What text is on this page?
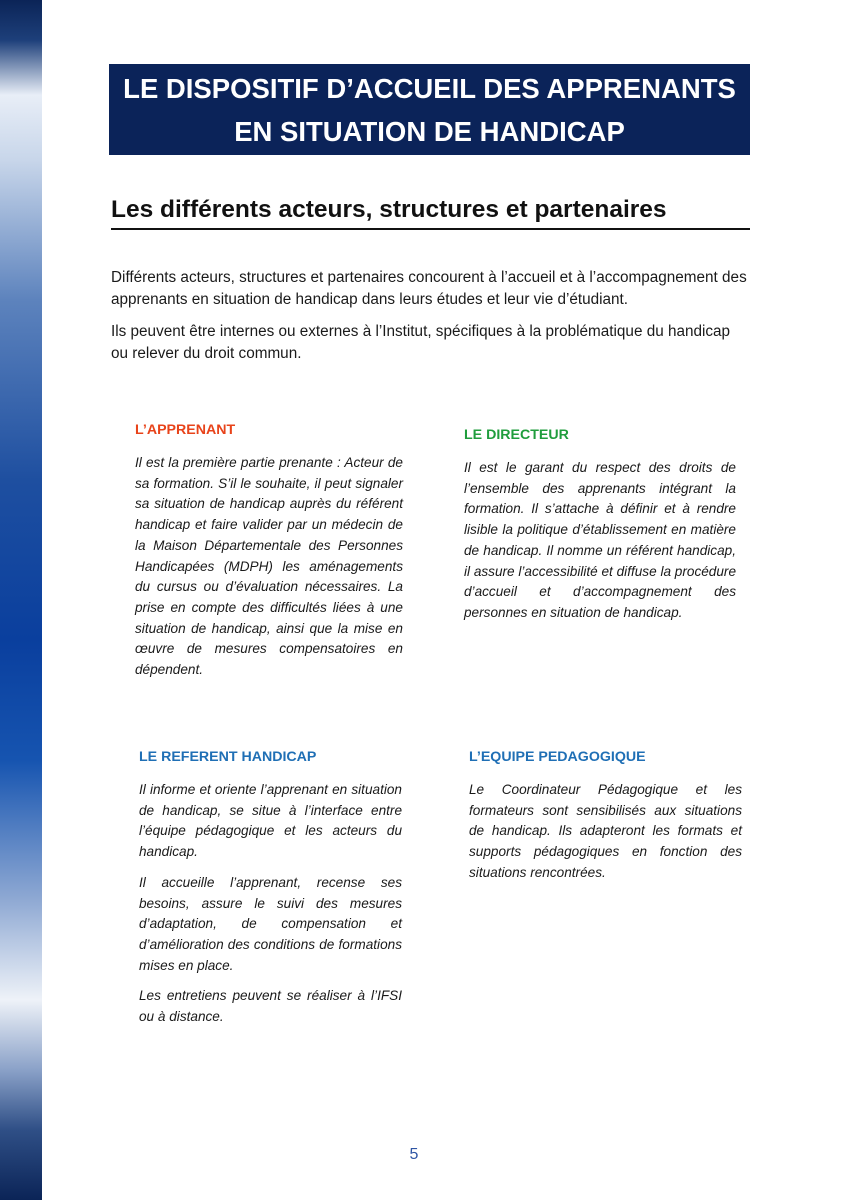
LE DISPOSITIF D’ACCUEIL DES APPRENANTS
EN SITUATION DE HANDICAP
Les différents acteurs, structures et partenaires

Différents acteurs, structures et partenaires concourent à l’accueil et à l’accompagnement des apprenants en situation de handicap dans leurs études et leur vie d’étudiant.

Ils peuvent être internes ou externes à l’Institut, spécifiques à la problématique du handicap ou relever du droit commun.

L’APPRENANT
Il est la première partie prenante : Acteur de sa formation. S’il le souhaite, il peut signaler sa situation de handicap auprès du référent handicap et faire valider par un médecin de la Maison Départementale des Personnes Handicapées (MDPH) les aménagements du cursus ou d’évaluation nécessaires. La prise en compte des difficultés liées à une situation de handicap, ainsi que la mise en œuvre de mesures compensatoires en dépendent.
LE DIRECTEUR
Il est le garant du respect des droits de l’ensemble des apprenants intégrant la formation. Il s’attache à définir et à rendre lisible la politique d’établissement en matière de handicap. Il nomme un référent handicap, il assure l’accessibilité et diffuse la procédure d’accueil et d’accompagnement des personnes en situation de handicap.
LE REFERENT HANDICAP

Il informe et oriente l’apprenant en situation de handicap, se situe à l’interface entre l’équipe pédagogique et les acteurs du handicap.

Il accueille l’apprenant, recense ses besoins, assure le suivi des mesures d’adaptation, de compensation et d’amélioration des conditions de formations mises en place.

Les entretiens peuvent se réaliser à l’IFSI ou à distance.

L’EQUIPE PEDAGOGIQUE
Le Coordinateur Pédagogique et les formateurs sont sensibilisés aux situations de handicap. Ils adapteront les formats et supports pédagogiques en fonction des situations rencontrées.
5
